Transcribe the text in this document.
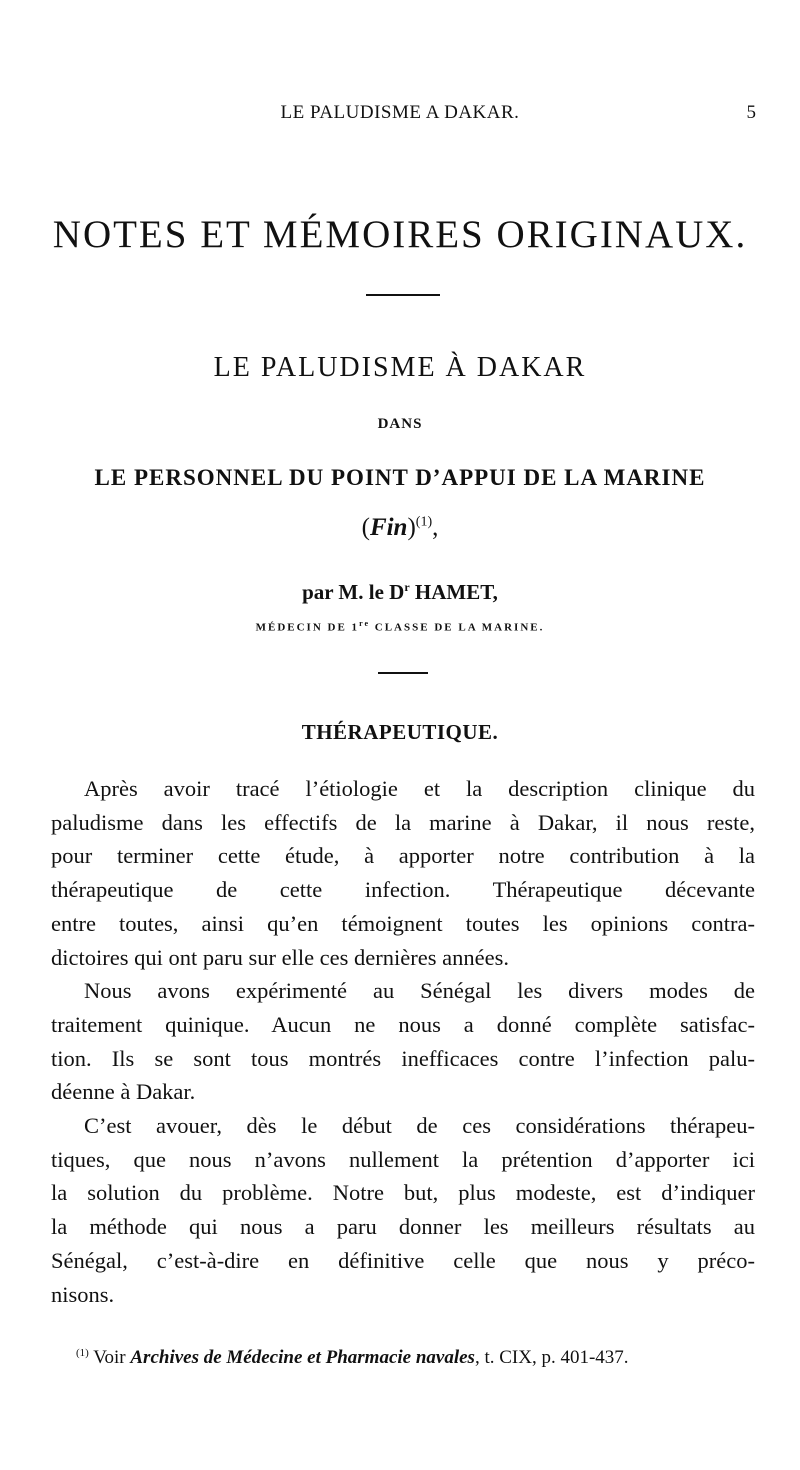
LE PALUDISME A DAKAR.	5
NOTES ET MÉMOIRES ORIGINAUX.
LE PALUDISME À DAKAR
DANS
LE PERSONNEL DU POINT D’APPUI DE LA MARINE
(Fin)$^{(1)}$,
par M. le $D^r$ HAMET,
MÉDECIN DE 1re CLASSE DE LA MARINE.
THÉRAPEUTIQUE.

Après avoir tracé l’étiologie et la description clinique du
paludisme dans les effectifs de la marine à Dakar, il nous reste,
pour terminer cette étude, à apporter notre contribution à la
thérapeutique de cette infection. Thérapeutique décevante
entre toutes, ainsi qu’en témoignent toutes les opinions contra-
dictoires qui ont paru sur elle ces dernières années.

Nous avons expérimenté au Sénégal les divers modes de
traitement quinique. Aucun ne nous a donné complète satisfac-
tion. Ils se sont tous montrés inefficaces contre l’infection palu-
déenne à Dakar.

C’est avouer, dès le début de ces considérations thérapeu-
tiques, que nous n’avons nullement la prétention d’apporter ici
la solution du problème. Notre but, plus modeste, est d’indiquer
la méthode qui nous a paru donner les meilleurs résultats au
Sénégal, c’est-à-dire en définitive celle que nous y préco-
nisons.

$^{(1)}$ Voir Archives de Médecine et Pharmacie navales, t. CIX, p. 401-437.
